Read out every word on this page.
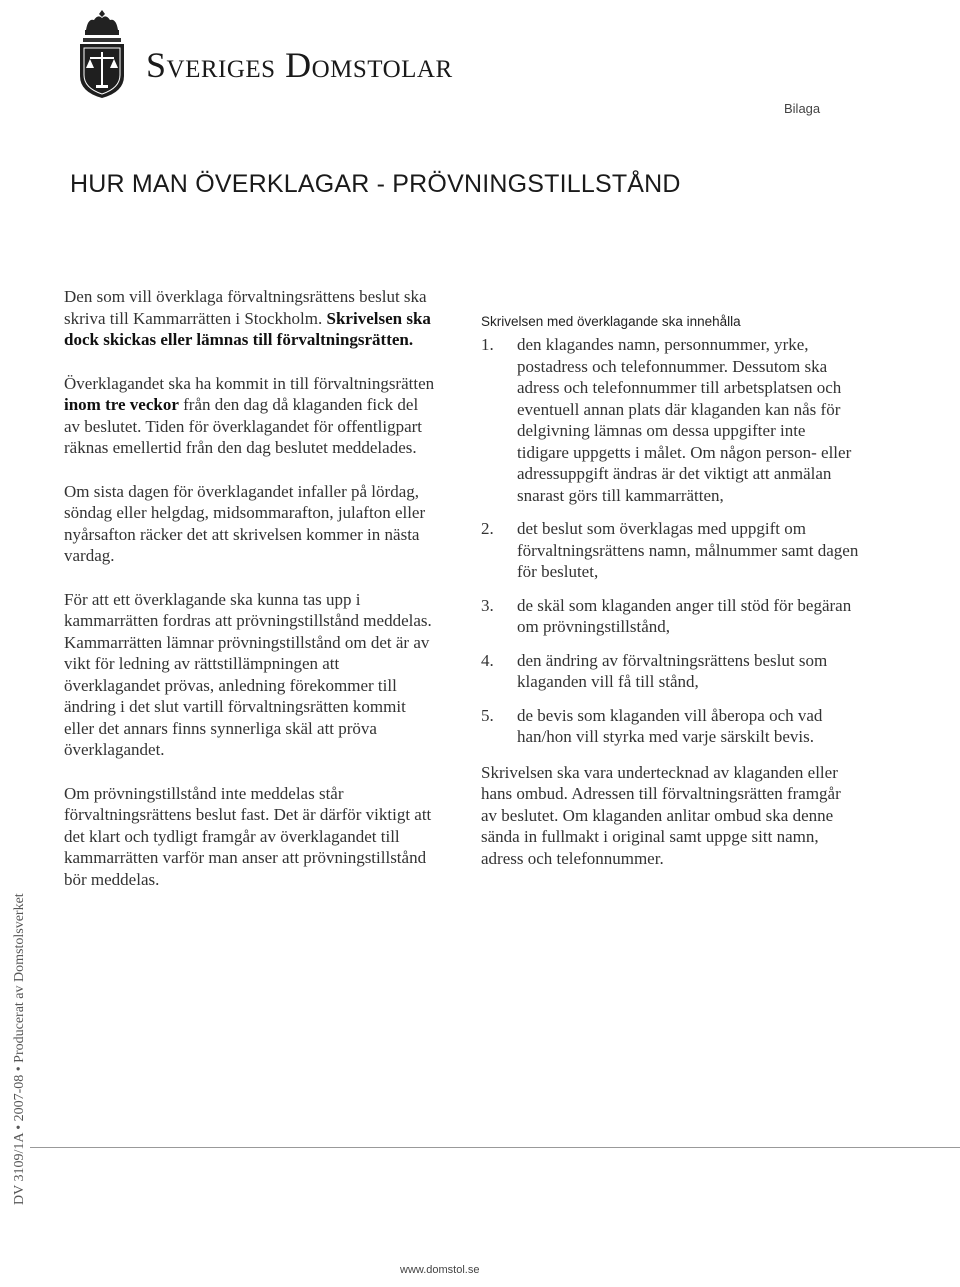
Sveriges Domstolar
Bilaga
HUR MAN ÖVERKLAGAR - PRÖVNINGSTILLSTÅND

Den som vill överklaga förvaltningsrättens beslut ska skriva till Kammarrätten i Stockholm. Skrivelsen ska dock skickas eller lämnas till förvaltningsrätten.

Överklagandet ska ha kommit in till förvaltningsrätten inom tre veckor från den dag då klaganden fick del av beslutet. Tiden för överklagandet för offentligpart räknas emellertid från den dag beslutet meddelades.

Om sista dagen för överklagandet infaller på lördag, söndag eller helgdag, midsommarafton, julafton eller nyårsafton räcker det att skrivelsen kommer in nästa vardag.

För att ett överklagande ska kunna tas upp i kammarrätten fordras att prövningstillstånd meddelas. Kammarrätten lämnar prövningstillstånd om det är av vikt för ledning av rättstillämpningen att överklagandet prövas, anledning förekommer till ändring i det slut vartill förvaltningsrätten kommit eller det annars finns synnerliga skäl att pröva överklagandet.

Om prövningstillstånd inte meddelas står förvaltningsrättens beslut fast. Det är därför viktigt att det klart och tydligt framgår av överklagandet till kammarrätten varför man anser att prövningstillstånd bör meddelas.

Skrivelsen med överklagande ska innehålla
1.	den klagandes namn, personnummer, yrke, postadress och telefonnummer. Dessutom ska adress och telefonnummer till arbetsplatsen och eventuell annan plats där klaganden kan nås för delgivning lämnas om dessa uppgifter inte tidigare uppgetts i målet. Om någon person- eller adressuppgift ändras är det viktigt att anmälan snarast görs till kammarrätten,
2.	det beslut som överklagas med uppgift om förvaltningsrättens namn, målnummer samt dagen för beslutet,
3.	de skäl som klaganden anger till stöd för begäran om prövningstillstånd,
4.	den ändring av förvaltningsrättens beslut som klaganden vill få till stånd,
5.	de bevis som klaganden vill åberopa och vad han/hon vill styrka med varje särskilt bevis.

Skrivelsen ska vara undertecknad av klaganden eller hans ombud. Adressen till förvaltningsrätten framgår av beslutet. Om klaganden anlitar ombud ska denne sända in fullmakt i original samt uppge sitt namn, adress och telefonnummer.

DV 3109/1A • 2007-08 • Producerat av Domstolsverket
www.domstol.se
